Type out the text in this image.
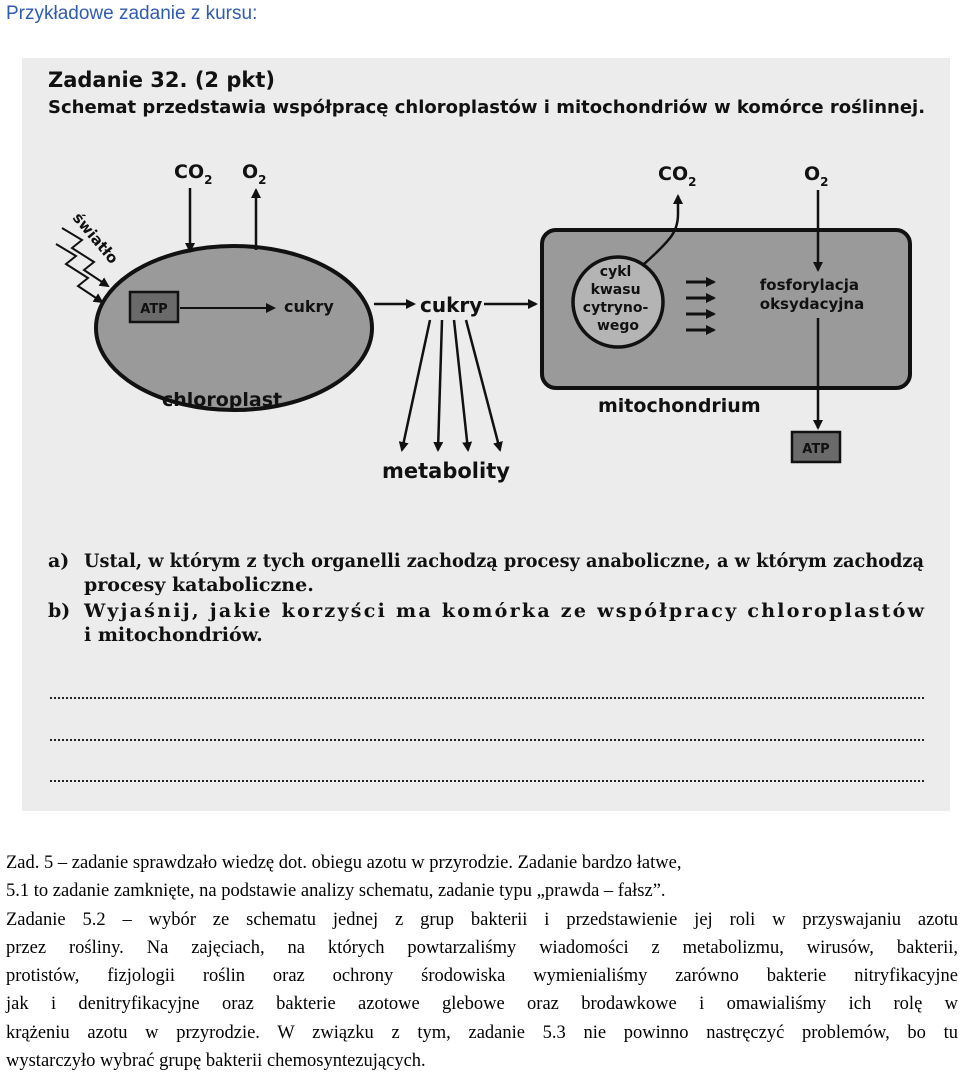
Przykładowe zadanie z kursu:
Zadanie 32. (2 pkt)
Schemat przedstawia współpracę chloroplastów i mitochondriów w komórce roślinnej.
ATP	cukry
chloroplast
światło
$CO_2$ $O_2$
cukry
metabolity
cykl kwasu cytryno- wego
fosforylacja oksydacyjna
mitochondrium
$CO_2$	$O_2$
ATP
a) Ustal, w którym z tych organelli zachodzą procesy anaboliczne, a w którym zachodzą
procesy kataboliczne.
b) Wyjaśnij, jakie korzyści ma komórka ze współpracy chloroplastów
i mitochondriów.
Zad. 5 – zadanie sprawdzało wiedzę dot. obiegu azotu w przyrodzie. Zadanie bardzo łatwe,
5.1 to zadanie zamknięte, na podstawie analizy schematu, zadanie typu „prawda – fałsz”.
Zadanie 5.2 – wybór ze schematu jednej z grup bakterii i przedstawienie jej roli w przyswajaniu azotu
przez rośliny. Na zajęciach, na których powtarzaliśmy wiadomości z metabolizmu, wirusów, bakterii,
protistów, fizjologii roślin oraz ochrony środowiska wymienialiśmy zarówno bakterie nitryfikacyjne
jak i denitryfikacyjne oraz bakterie azotowe glebowe oraz brodawkowe i omawialiśmy ich rolę w
krążeniu azotu w przyrodzie. W związku z tym, zadanie 5.3 nie powinno nastręczyć problemów, bo tu
wystarczyło wybrać grupę bakterii chemosyntezujących.
